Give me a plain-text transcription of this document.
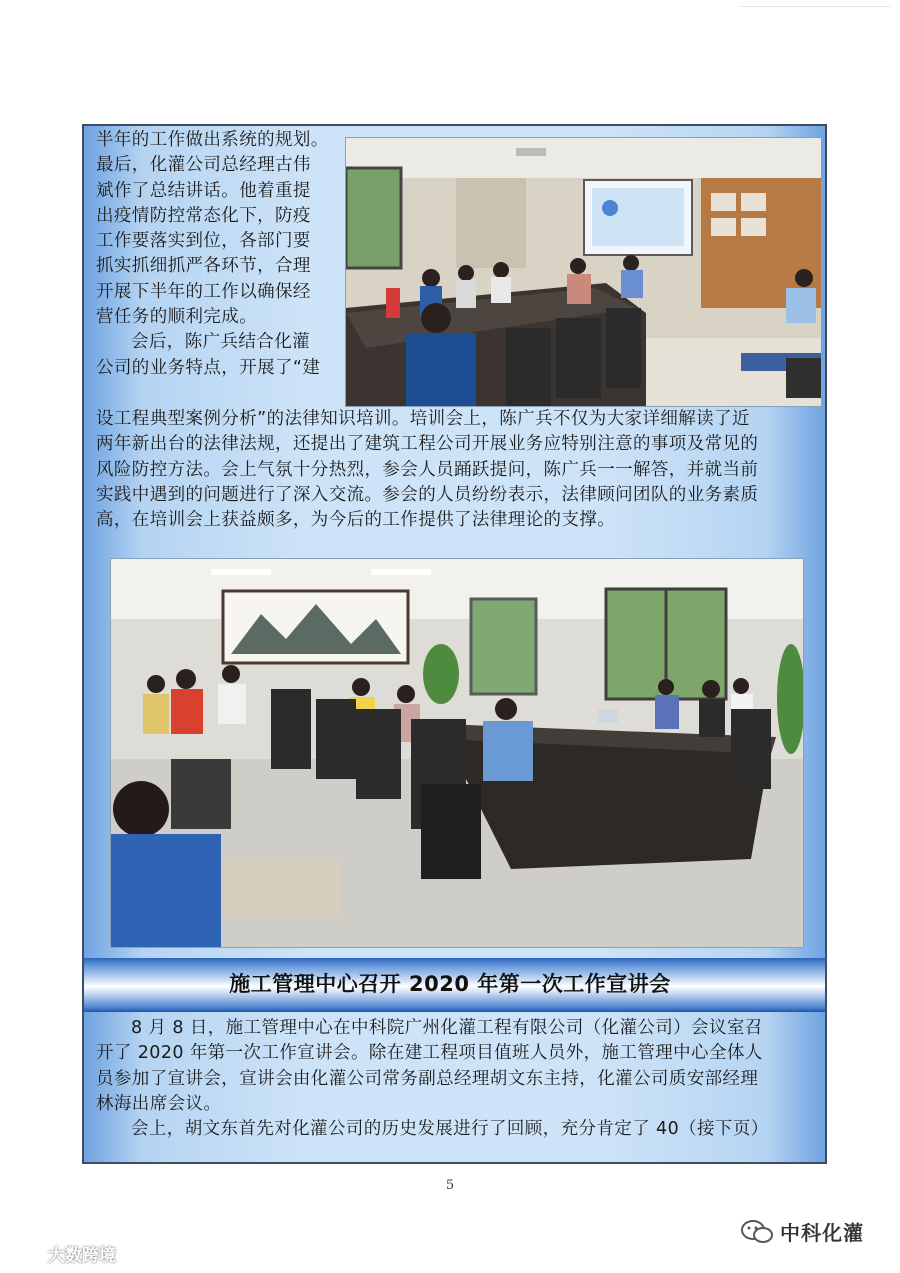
半年的工作做出系统的规划。
最后，化灌公司总经理古伟
斌作了总结讲话。他着重提
出疫情防控常态化下，防疫
工作要落实到位，各部门要
抓实抓细抓严各环节，合理
开展下半年的工作以确保经
营任务的顺利完成。
会后，陈广兵结合化灌
公司的业务特点，开展了“建
设工程典型案例分析”的法律知识培训。培训会上，陈广兵不仅为大家详细解读了近
两年新出台的法律法规，还提出了建筑工程公司开展业务应特别注意的事项及常见的
风险防控方法。会上气氛十分热烈，参会人员踊跃提问，陈广兵一一解答，并就当前
实践中遇到的问题进行了深入交流。参会的人员纷纷表示，法律顾问团队的业务素质
高，在培训会上获益颇多，为今后的工作提供了法律理论的支撑。
施工管理中心召开 2020 年第一次工作宣讲会
8 月 8 日，施工管理中心在中科院广州化灌工程有限公司（化灌公司）会议室召
开了 2020 年第一次工作宣讲会。除在建工程项目值班人员外，施工管理中心全体人
员参加了宣讲会，宣讲会由化灌公司常务副总经理胡文东主持，化灌公司质安部经理
林海出席会议。
会上，胡文东首先对化灌公司的历史发展进行了回顾，充分肯定了 40（接下页）
5
大数跨境
中科化灌
